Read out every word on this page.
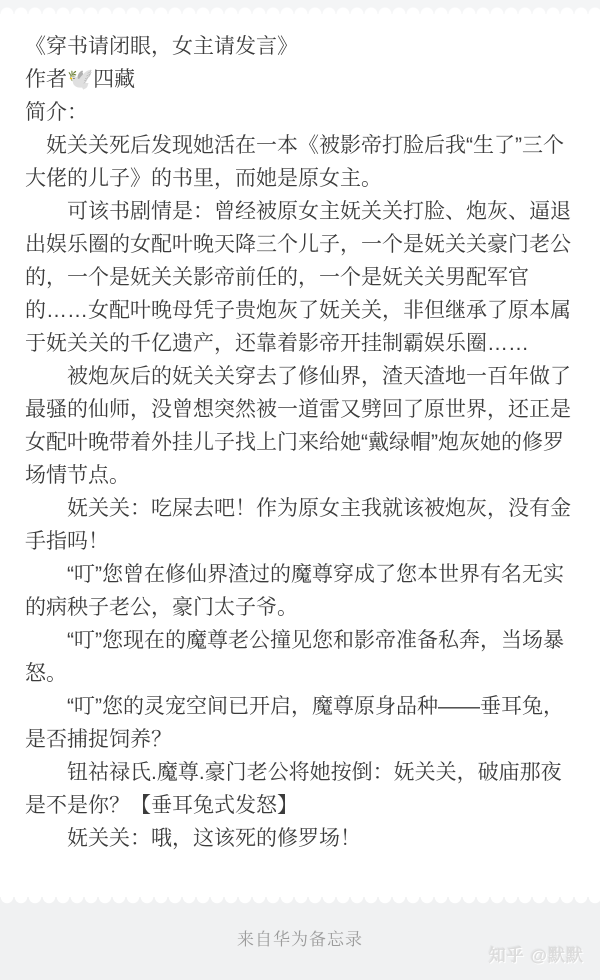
《穿书请闭眼，女主请发言》

作者🕊️四藏

简介：

妩关关死后发现她活在一本《被影帝打脸后我“生了”三个大佬的儿子》的书里，而她是原女主。

可该书剧情是：曾经被原女主妩关关打脸、炮灰、逼退出娱乐圈的女配叶晚天降三个儿子，一个是妩关关豪门老公的，一个是妩关关影帝前任的，一个是妩关关男配军官的……女配叶晚母凭子贵炮灰了妩关关，非但继承了原本属于妩关关的千亿遗产，还靠着影帝开挂制霸娱乐圈……

被炮灰后的妩关关穿去了修仙界，渣天渣地一百年做了最骚的仙师，没曾想突然被一道雷又劈回了原世界，还正是女配叶晚带着外挂儿子找上门来给她“戴绿帽”炮灰她的修罗场情节点。

妩关关：吃屎去吧！作为原女主我就该被炮灰，没有金手指吗！

“叮”您曾在修仙界渣过的魔尊穿成了您本世界有名无实的病秧子老公，豪门太子爷。

“叮”您现在的魔尊老公撞见您和影帝准备私奔，当场暴怒。

“叮”您的灵宠空间已开启，魔尊原身品种——垂耳兔，是否捕捉饲养？

钮祜禄氏.魔尊.豪门老公将她按倒：妩关关，破庙那夜是不是你？【垂耳兔式发怒】

妩关关：哦，这该死的修罗场！

来自华为备忘录
知乎 @默默
